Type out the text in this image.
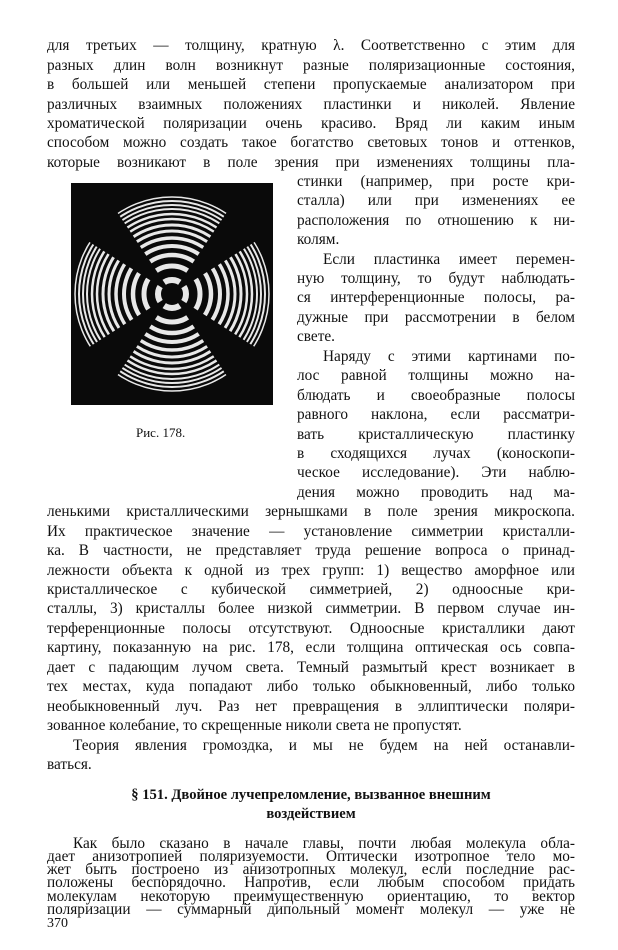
для третьих — толщину, кратную λ. Соответственно с этим для
разных длин волн возникнут разные поляризационные состояния,
в большей или меньшей степени пропускаемые анализатором при
различных взаимных положениях пластинки и николей. Явление
хроматической поляризации очень красиво. Вряд ли каким иным
способом можно создать такое богатство световых тонов и оттенков,
которые возникают в поле зрения при изменениях толщины пла-
Рис. 178.
стинки (например, при росте кри-
сталла) или при изменениях ее
расположения по отношению к ни-
колям.
Если пластинка имеет перемен-
ную толщину, то будут наблюдать-
ся интерференционные полосы, ра-
дужные при рассмотрении в белом
свете.
Наряду с этими картинами по-
лос равной толщины можно на-
блюдать и своеобразные полосы
равного наклона, если рассматри-
вать кристаллическую пластинку
в сходящихся лучах (коноскопи-
ческое исследование). Эти наблю-
дения можно проводить над ма-
ленькими кристаллическими зернышками в поле зрения микроскопа.
Их практическое значение — установление симметрии кристалли-
ка. В частности, не представляет труда решение вопроса о принад-
лежности объекта к одной из трех групп: 1) вещество аморфное или
кристаллическое с кубической симметрией, 2) одноосные кри-
сталлы, 3) кристаллы более низкой симметрии. В первом случае ин-
терференционные полосы отсутствуют. Одноосные кристаллики дают
картину, показанную на рис. 178, если толщина оптическая ось совпа-
дает с падающим лучом света. Темный размытый крест возникает в
тех местах, куда попадают либо только обыкновенный, либо только
необыкновенный луч. Раз нет превращения в эллиптически поляри-
зованное колебание, то скрещенные николи света не пропустят.
Теория явления громоздка, и мы не будем на ней останавли-
ваться.
§ 151. Двойное лучепреломление, вызванное внешним
воздействием
370
Как было сказано в начале главы, почти любая молекула обла-
дает анизотропией поляризуемости. Оптически изотропное тело мо-
жет быть построено из анизотропных молекул, если последние рас-
положены беспорядочно. Напротив, если любым способом придать
молекулам некоторую преимущественную ориентацию, то вектор
поляризации — суммарный дипольный момент молекул — уже не
